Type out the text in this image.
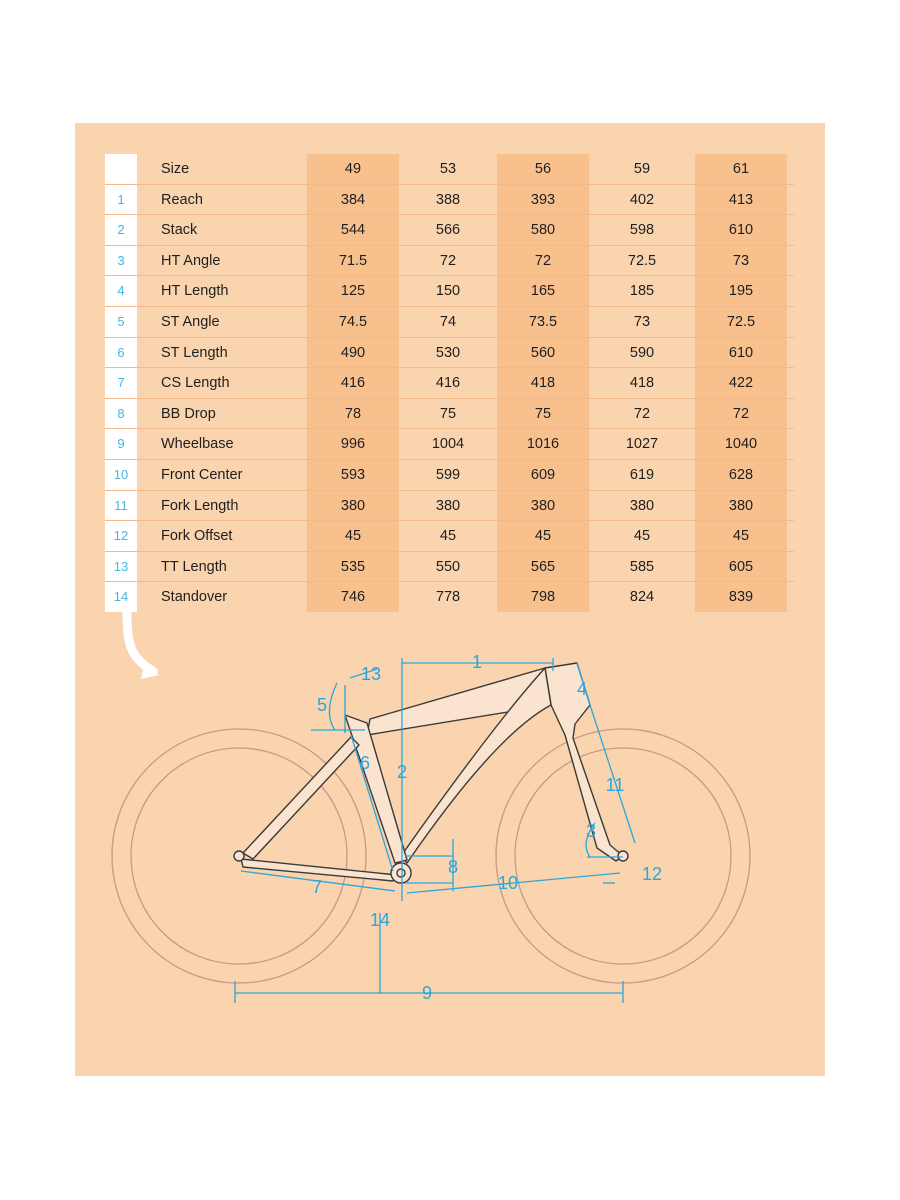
Size	49	53	56	59	61
1	Reach	384	388	393	402	413
2	Stack	544	566	580	598	610
3	HT Angle	71.5	72	72	72.5	73
4	HT Length	125	150	165	185	195
5	ST Angle	74.5	74	73.5	73	72.5
6	ST Length	490	530	560	590	610
7	CS Length	416	416	418	418	422
8	BB Drop	78	75	75	72	72
9	Wheelbase	996	1004	1016	1027	1040
10	Front Center	593	599	609	619	628
11	Fork Length	380	380	380	380	380
12	Fork Offset	45	45	45	45	45
13	TT Length	535	550	565	585	605
14	Standover	746	778	798	824	839
1
2
3
4
5
6
7
8
9
10
11
12
13
14
